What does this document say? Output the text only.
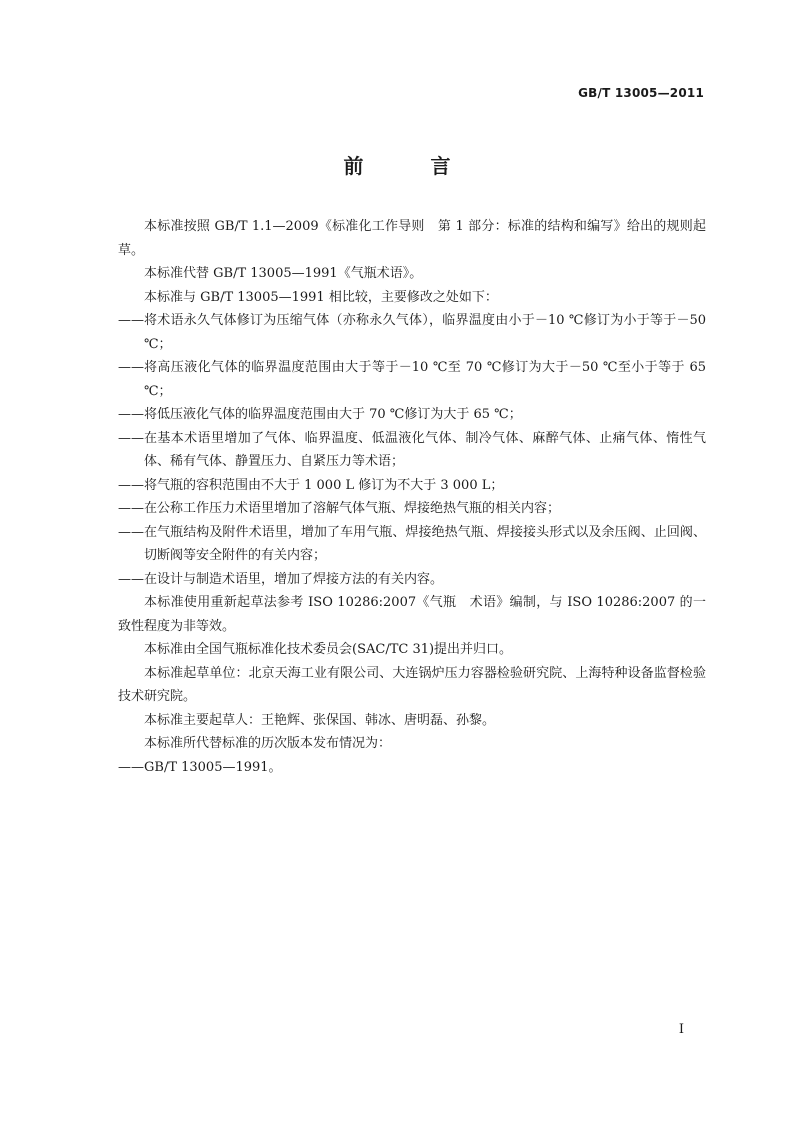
GB/T 13005—2011
前 言

本标准按照 GB/T 1.1—2009《标准化工作导则　第 1 部分：标准的结构和编写》给出的规则起草。

本标准代替 GB/T 13005—1991《气瓶术语》。

本标准与 GB/T 13005—1991 相比较，主要修改之处如下：

—— 将术语永久气体修订为压缩气体（亦称永久气体），临界温度由小于－10 ℃修订为小于等于－50 ℃；
—— 将高压液化气体的临界温度范围由大于等于－10 ℃至 70 ℃修订为大于－50 ℃至小于等于 65 ℃；
—— 将低压液化气体的临界温度范围由大于 70 ℃修订为大于 65 ℃；
—— 在基本术语里增加了气体、临界温度、低温液化气体、制冷气体、麻醉气体、止痛气体、惰性气体、稀有气体、静置压力、自紧压力等术语；
—— 将气瓶的容积范围由不大于 1 000 L 修订为不大于 3 000 L；
—— 在公称工作压力术语里增加了溶解气体气瓶、焊接绝热气瓶的相关内容；
—— 在气瓶结构及附件术语里，增加了车用气瓶、焊接绝热气瓶、焊接接头形式以及余压阀、止回阀、切断阀等安全附件的有关内容；
—— 在设计与制造术语里，增加了焊接方法的有关内容。

本标准使用重新起草法参考 ISO 10286:2007《气瓶　术语》编制，与 ISO 10286:2007 的一致性程度为非等效。

本标准由全国气瓶标准化技术委员会(SAC/TC 31)提出并归口。

本标准起草单位：北京天海工业有限公司、大连锅炉压力容器检验研究院、上海特种设备监督检验技术研究院。

本标准主要起草人：王艳辉、张保国、韩冰、唐明磊、孙黎。

本标准所代替标准的历次版本发布情况为：

—— GB/T 13005—1991。
I
